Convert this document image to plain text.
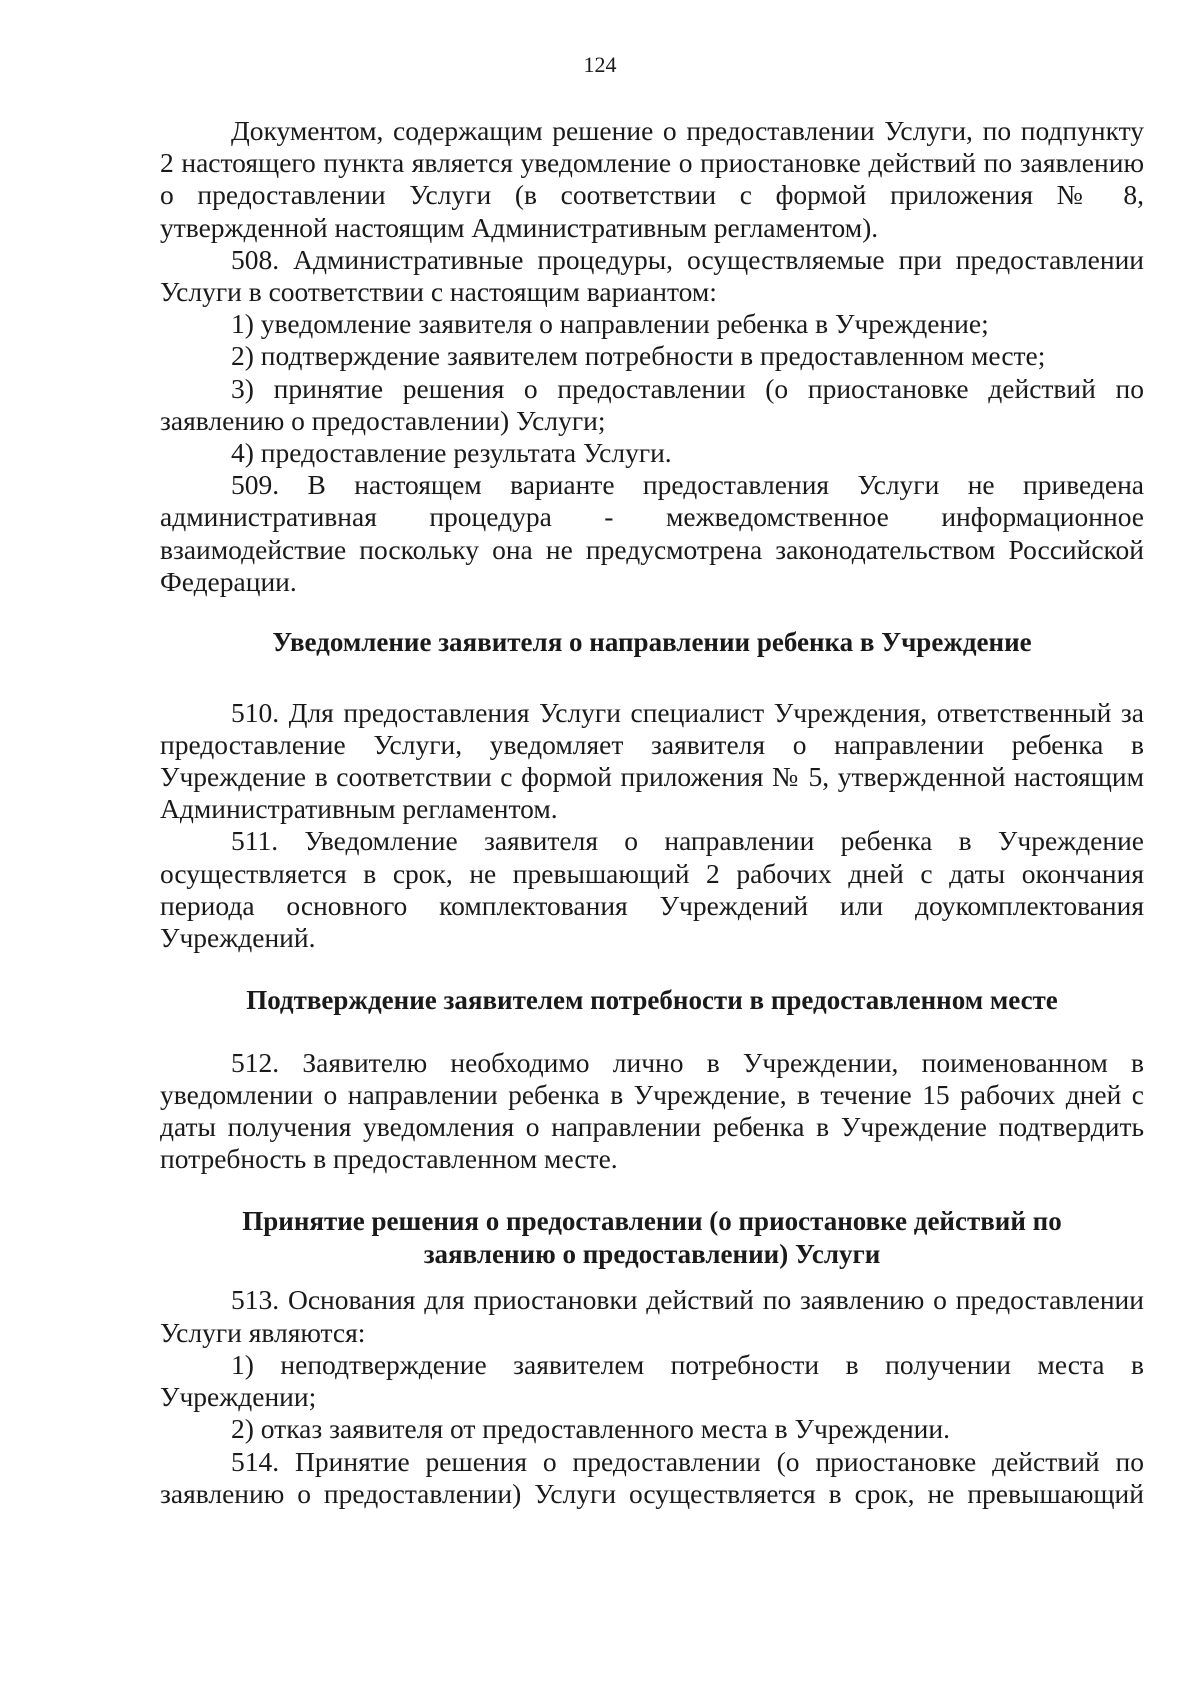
124

Документом, содержащим решение о предоставлении Услуги, по подпункту 2 настоящего пункта является уведомление о приостановке действий по заявлению о предоставлении Услуги (в соответствии с формой приложения № 8, утвержденной настоящим Административным регламентом).

508. Административные процедуры, осуществляемые при предоставлении Услуги в соответствии с настоящим вариантом:

1) уведомление заявителя о направлении ребенка в Учреждение;

2) подтверждение заявителем потребности в предоставленном месте;

3) принятие решения о предоставлении (о приостановке действий по заявлению о предоставлении) Услуги;

4) предоставление результата Услуги.

509. В настоящем варианте предоставления Услуги не приведена административная процедура - межведомственное информационное взаимодействие поскольку она не предусмотрена законодательством Российской Федерации.

Уведомление заявителя о направлении ребенка в Учреждение

510. Для предоставления Услуги специалист Учреждения, ответственный за предоставление Услуги, уведомляет заявителя о направлении ребенка в Учреждение в соответствии с формой приложения № 5, утвержденной настоящим Административным регламентом.

511. Уведомление заявителя о направлении ребенка в Учреждение осуществляется в срок, не превышающий 2 рабочих дней с даты окончания периода основного комплектования Учреждений или доукомплектования Учреждений.

Подтверждение заявителем потребности в предоставленном месте

512. Заявителю необходимо лично в Учреждении, поименованном в уведомлении о направлении ребенка в Учреждение, в течение 15 рабочих дней с даты получения уведомления о направлении ребенка в Учреждение подтвердить потребность в предоставленном месте.

Принятие решения о предоставлении (о приостановке действий по
заявлению о предоставлении) Услуги

513. Основания для приостановки действий по заявлению о предоставлении Услуги являются:

1) неподтверждение заявителем потребности в получении места в Учреждении;

2) отказ заявителя от предоставленного места в Учреждении.

514. Принятие решения о предоставлении (о приостановке действий по заявлению о предоставлении) Услуги осуществляется в срок, не превышающий
